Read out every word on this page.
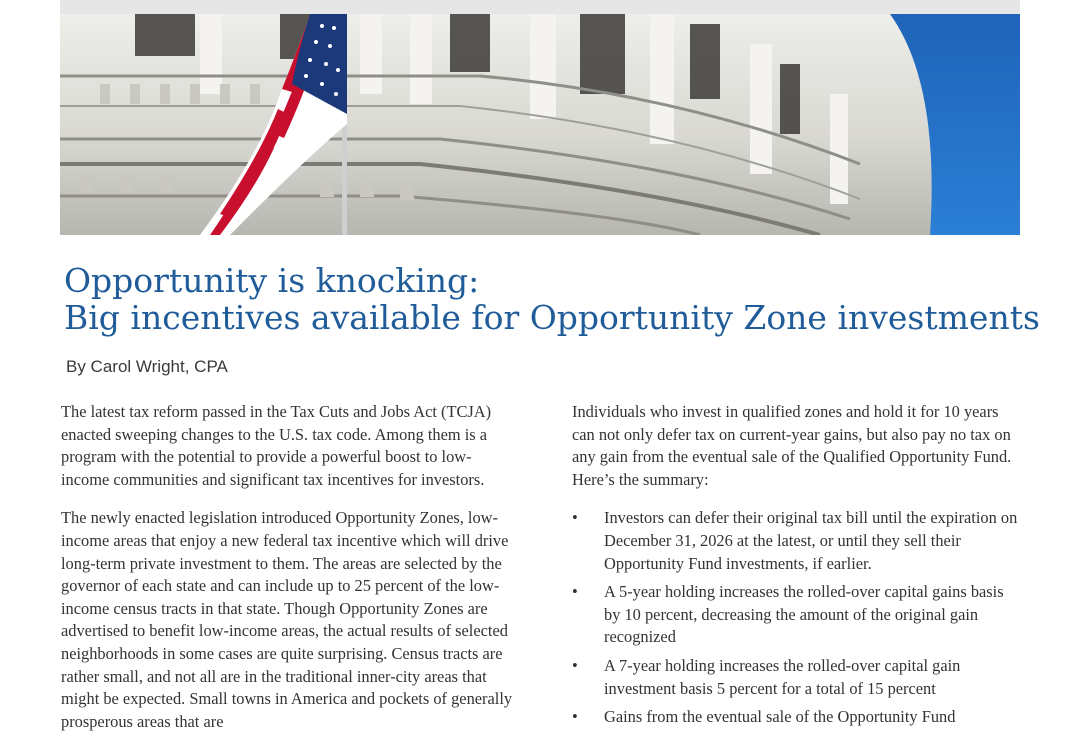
Opportunity is knocking:
Big incentives available for Opportunity Zone investments
By Carol Wright, CPA

The latest tax reform passed in the Tax Cuts and Jobs Act (TCJA) enacted sweeping changes to the U.S. tax code. Among them is a program with the potential to provide a powerful boost to low-income communities and significant tax incentives for investors.

The newly enacted legislation introduced Opportunity Zones, low-income areas that enjoy a new federal tax incentive which will drive long-term private investment to them. The areas are selected by the governor of each state and can include up to 25 percent of the low-income census tracts in that state. Though Opportunity Zones are advertised to benefit low-income areas, the actual results of selected neighborhoods in some cases are quite surprising. Census tracts are rather small, and not all are in the traditional inner-city areas that might be expected. Small towns in America and pockets of generally prosperous areas that are

Individuals who invest in qualified zones and hold it for 10 years can not only defer tax on current-year gains, but also pay no tax on any gain from the eventual sale of the Qualified Opportunity Fund. Here’s the summary:

• Investors can defer their original tax bill until the expiration on December 31, 2026 at the latest, or until they sell their Opportunity Fund investments, if earlier.
• A 5-year holding increases the rolled-over capital gains basis by 10 percent, decreasing the amount of the original gain recognized
• A 7-year holding increases the rolled-over capital gain investment basis 5 percent for a total of 15 percent
• Gains from the eventual sale of the Opportunity Fund
